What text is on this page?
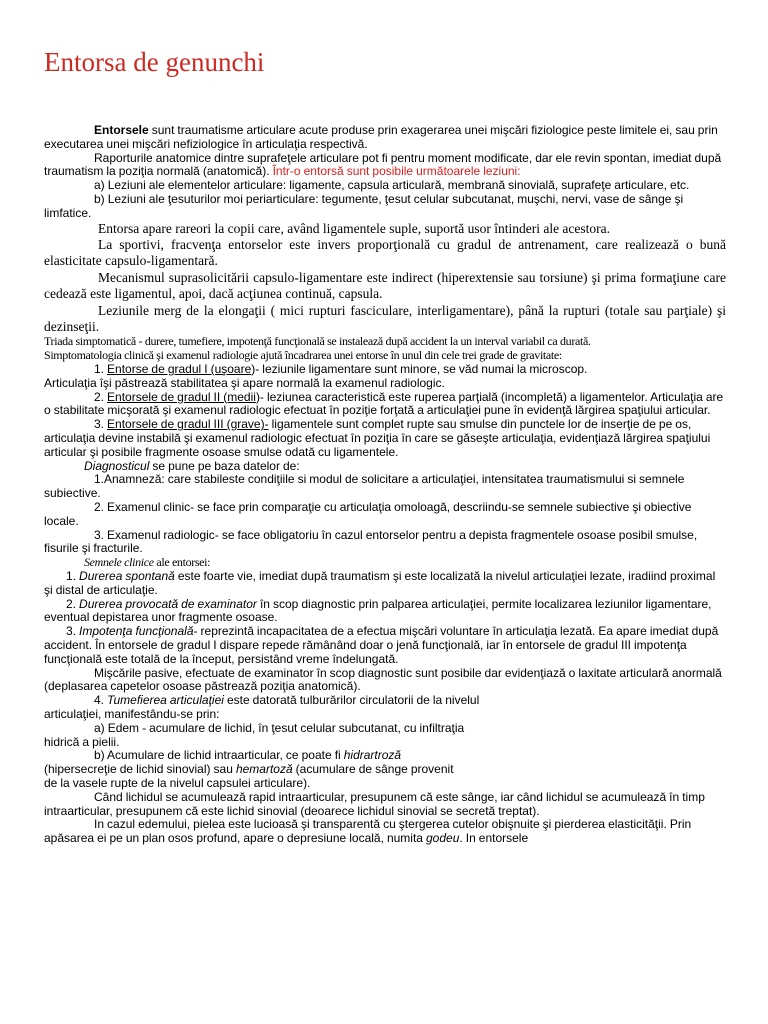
Entorsa de genunchi

Entorsele sunt traumatisme articulare acute produse prin exagerarea unei mişcări fiziologice peste limitele ei, sau prin executarea unei mişcări nefiziologice în articulaţia respectivă.

Raporturile anatomice dintre suprafeţele articulare pot fi pentru moment modificate, dar ele revin spontan, imediat după traumatism la poziţia normală (anatomică). Într-o entorsă sunt posibile următoarele leziuni:

a) Leziuni ale elementelor articulare: ligamente, capsula articulară, membrană sinovială, suprafeţe articulare, etc.

b) Leziuni ale ţesuturilor moi periarticulare: tegumente, ţesut celular subcutanat, muşchi, nervi, vase de sânge şi limfatice.

Entorsa apare rareori la copii care, având ligamentele suple, suportă usor întinderi ale acestora.

La sportivi, fracvenţa entorselor este invers proporţională cu gradul de antrenament, care realizează o bună elasticitate capsulo-ligamentară.

Mecanismul suprasolicitării capsulo-ligamentare este indirect (hiperextensie sau torsiune) şi prima formaţiune care cedează este ligamentul, apoi, dacă acţiunea continuă, capsula.

Leziunile merg de la elongaţii ( mici rupturi fasciculare, interligamentare), până la rupturi (totale sau parţiale) şi dezinseţii.

Triada simptomatică - durere, tumefiere, impotenţă funcţională se instalează după accident la un interval variabil ca durată.

Simptomatologia clinică şi examenul radiologie ajută încadrarea unei entorse în unul din cele trei grade de gravitate:

1. Entorse de gradul I (uşoare)- leziunile ligamentare sunt minore, se văd numai la microscop.

Articulaţia îşi păstrează stabilitatea şi apare normală la examenul radiologic.

2. Entorsele de gradul II (medii)- leziunea caracteristică este ruperea parţială (incompletă) a ligamentelor. Articulaţia are o stabilitate micşorată şi examenul radiologic efectuat în poziţie forţată a articulaţiei pune în evidenţă lărgirea spaţiului articular.

3. Entorsele de gradul III (grave)- ligamentele sunt complet rupte sau smulse din punctele lor de inserţie de pe os, articulaţia devine instabilă şi examenul radiologic efectuat în poziţia în care se găseşte articulaţia, evidenţiază lărgirea spaţiului articular şi posibile fragmente osoase smulse odată cu ligamentele.

Diagnosticul se pune pe baza datelor de:

1.Anamneză: care stabileste condiţiile si modul de solicitare a articulaţiei, intensitatea traumatismului si semnele subiective.

2. Examenul clinic- se face prin comparaţie cu articulaţia omoloagă, descriindu-se semnele subiective şi obiective locale.

3. Examenul radiologic- se face obligatoriu în cazul entorselor pentru a depista fragmentele osoase posibil smulse, fisurile şi fracturile.

Semnele clinice ale entorsei:

1. Durerea spontană este foarte vie, imediat după traumatism şi este localizată la nivelul articulaţiei lezate, iradiind proximal şi distal de articulaţie.

2. Durerea provocată de examinator în scop diagnostic prin palparea articulaţiei, permite localizarea leziunilor ligamentare, eventual depistarea unor fragmente osoase.

3. Impotenţa funcţională- reprezintă incapacitatea de a efectua mişcări voluntare în articulaţia lezată. Ea apare imediat după accident. În entorsele de gradul I dispare repede rămânând doar o jenă funcţională, iar în entorsele de gradul III impotenţa funcţională este totală de la început, persistând vreme îndelungată.

Mişcările pasive, efectuate de examinator în scop diagnostic sunt posibile dar evidenţiază o laxitate articulară anormală (deplasarea capetelor osoase păstrează poziţia anatomică).

4. Tumefierea articulaţiei este datorată tulburărilor circulatorii de la nivelul

articulaţiei, manifestându-se prin:

a) Edem - acumulare de lichid, în ţesut celular subcutanat, cu infiltraţia

hidrică a pielii.

b) Acumulare de lichid intraarticular, ce poate fi hidrartroză

(hipersecreţie de lichid sinovial) sau hemartoză (acumulare de sânge provenit

de la vasele rupte de la nivelul capsulei articulare).

Când lichidul se acumulează rapid intraarticular, presupunem că este sânge, iar când lichidul se acumulează în timp intraarticular, presupunem că este lichid sinovial (deoarece lichidul sinovial se secretă treptat).

In cazul edemului, pielea este lucioasă şi transparentă cu ştergerea cutelor obişnuite şi pierderea elasticităţii. Prin apăsarea ei pe un plan osos profund, apare o depresiune locală, numita godeu. In entorsele
